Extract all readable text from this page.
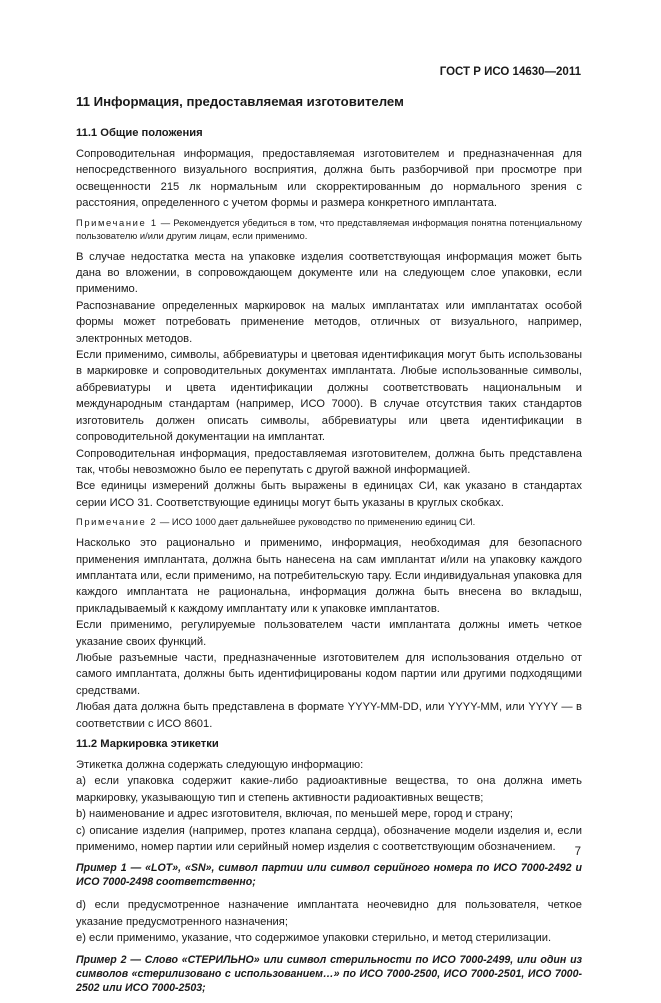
ГОСТ Р ИСО 14630—2011
11 Информация, предоставляемая изготовителем
11.1 Общие положения

Сопроводительная информация, предоставляемая изготовителем и предназначенная для непосредственного визуального восприятия, должна быть разборчивой при просмотре при освещенности 215 лк нормальным или скорректированным до нормального зрения с расстояния, определенного с учетом формы и размера конкретного имплантата.

Примечание 1 — Рекомендуется убедиться в том, что представляемая информация понятна потенциальному пользователю и/или другим лицам, если применимо.

В случае недостатка места на упаковке изделия соответствующая информация может быть дана во вложении, в сопровождающем документе или на следующем слое упаковки, если применимо.

Распознавание определенных маркировок на малых имплантатах или имплантатах особой формы может потребовать применение методов, отличных от визуального, например, электронных методов.

Если применимо, символы, аббревиатуры и цветовая идентификация могут быть использованы в маркировке и сопроводительных документах имплантата. Любые использованные символы, аббревиатуры и цвета идентификации должны соответствовать национальным и международным стандартам (например, ИСО 7000). В случае отсутствия таких стандартов изготовитель должен описать символы, аббревиатуры или цвета идентификации в сопроводительной документации на имплантат.

Сопроводительная информация, предоставляемая изготовителем, должна быть представлена так, чтобы невозможно было ее перепутать с другой важной информацией.

Все единицы измерений должны быть выражены в единицах СИ, как указано в стандартах серии ИСО 31. Соответствующие единицы могут быть указаны в круглых скобках.

Примечание 2 — ИСО 1000 дает дальнейшее руководство по применению единиц СИ.

Насколько это рационально и применимо, информация, необходимая для безопасного применения имплантата, должна быть нанесена на сам имплантат и/или на упаковку каждого имплантата или, если применимо, на потребительскую тару. Если индивидуальная упаковка для каждого имплантата не рациональна, информация должна быть внесена во вкладыш, прикладываемый к каждому имплантату или к упаковке имплантатов.

Если применимо, регулируемые пользователем части имплантата должны иметь четкое указание своих функций.

Любые разъемные части, предназначенные изготовителем для использования отдельно от самого имплантата, должны быть идентифицированы кодом партии или другими подходящими средствами.

Любая дата должна быть представлена в формате YYYY-MM-DD, или YYYY-MM, или YYYY — в соответствии с ИСО 8601.

11.2 Маркировка этикетки

Этикетка должна содержать следующую информацию:

а) если упаковка содержит какие-либо радиоактивные вещества, то она должна иметь маркировку, указывающую тип и степень активности радиоактивных веществ;

b) наименование и адрес изготовителя, включая, по меньшей мере, город и страну;

с) описание изделия (например, протез клапана сердца), обозначение модели изделия и, если применимо, номер партии или серийный номер изделия с соответствующим обозначением.

Пример 1 — «LOT», «SN», символ партии или символ серийного номера по ИСО 7000-2492 и ИСО 7000-2498 соответственно;

d) если предусмотренное назначение имплантата неочевидно для пользователя, четкое указание предусмотренного назначения;

е) если применимо, указание, что содержимое упаковки стерильно, и метод стерилизации.

Пример 2 — Слово «СТЕРИЛЬНО» или символ стерильности по ИСО 7000-2499, или один из символов «стерилизовано с использованием…» по ИСО 7000-2500, ИСО 7000-2501, ИСО 7000-2502 или ИСО 7000-2503;

7
